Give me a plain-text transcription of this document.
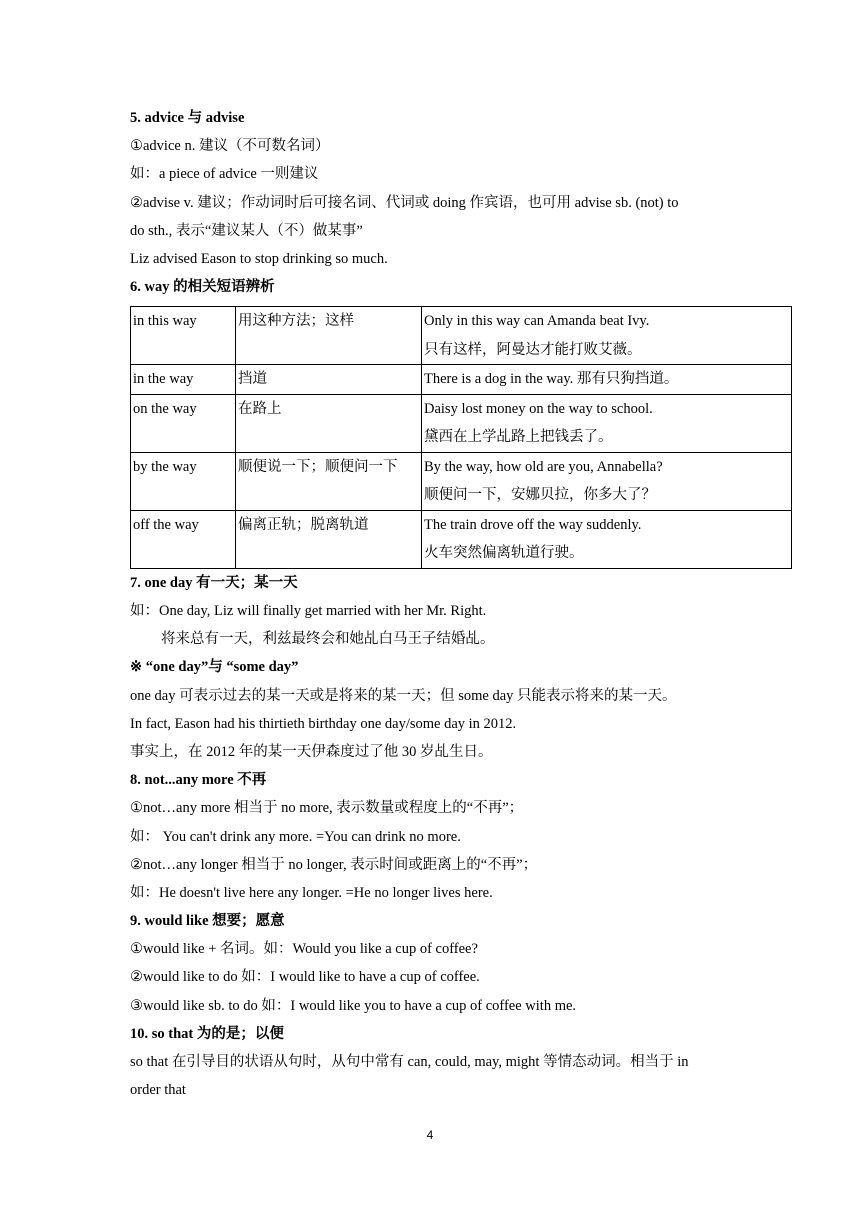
5. advice 与 advise
①advice n. 建议（不可数名词）
如：a piece of advice 一则建议
②advise v. 建议；作动词时后可接名词、代词或 doing 作宾语，也可用 advise sb. (not) to
do sth., 表示“建议某人（不）做某事”
Liz advised Eason to stop drinking so much.
6. way 的相关短语辨析
in this way	用这种方法；这样	Only in this way can Amanda beat Ivy.
只有这样，阿曼达才能打败艾薇。

in the way	挡道	There is a dog in the way. 那有只狗挡道。

on the way	在路上	Daisy lost money on the way to school.
黛西在上学乩路上把钱丢了。

by the way	顺便说一下；顺便问一下	By the way, how old are you, Annabella?
顺便问一下，安娜贝拉，你多大了？

off the way	偏离正轨；脱离轨道	The train drove off the way suddenly.
火车突然偏离轨道行驶。
7. one day 有一天；某一天
如：One day, Liz will finally get married with her Mr. Right.
将来总有一天，利兹最终会和她乩白马王子结婚乩。
※ “one day”与 “some day”
one day 可表示过去的某一天或是将来的某一天；但 some day 只能表示将来的某一天。
In fact, Eason had his thirtieth birthday one day/some day in 2012.
事实上，在 2012 年的某一天伊森度过了他 30 岁乩生日。
8. not...any more 不再
①not…any more 相当于 no more, 表示数量或程度上的“不再”；
如： You can't drink any more. =You can drink no more.
②not…any longer 相当于 no longer, 表示时间或距离上的“不再”；
如：He doesn't live here any longer. =He no longer lives here.
9. would like 想要；愿意
①would like + 名词。如：Would you like a cup of coffee?
②would like to do 如：I would like to have a cup of coffee.
③would like sb. to do 如：I would like you to have a cup of coffee with me.
10. so that 为的是；以便
so that 在引导目的状语从句时，从句中常有 can, could, may, might 等情态动词。相当于 in
order that
4
